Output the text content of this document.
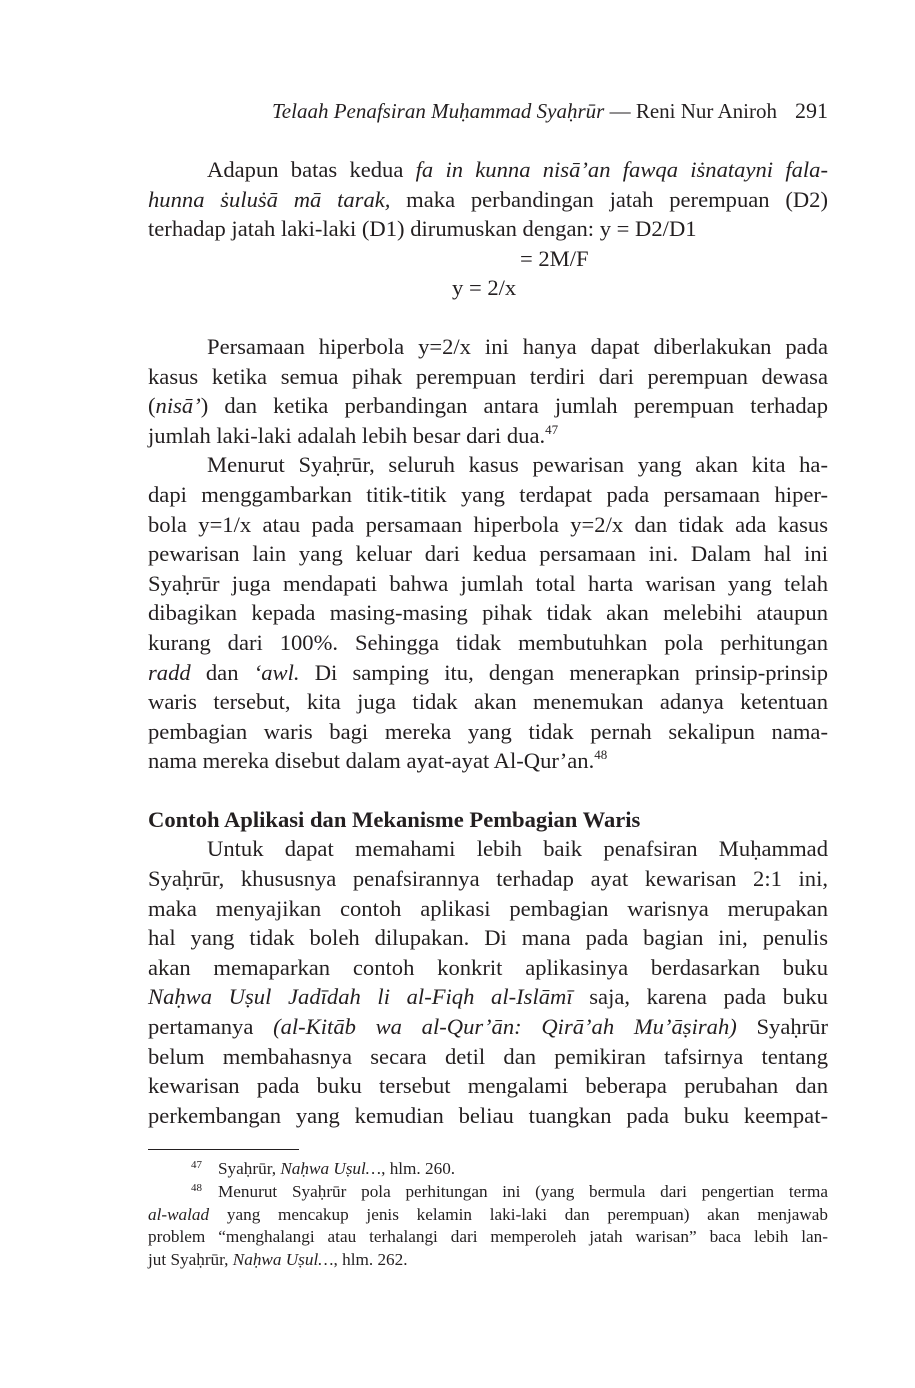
Telaah Penafsiran Muḥammad Syaḥrūr — Reni Nur Aniroh 291
Adapun batas kedua fa in kunna nisā’an fawqa iṡnatayni fala-
hunna ṡuluṡā mā tarak, maka perbandingan jatah perempuan (D2)
terhadap jatah laki-laki (D1) dirumuskan dengan: y = D2/D1
= 2M/F
y = 2/x
Persamaan hiperbola y=2/x ini hanya dapat diberlakukan pada
kasus ketika semua pihak perempuan terdiri dari perempuan dewasa
(nisā’) dan ketika perbandingan antara jumlah perempuan terhadap
jumlah laki-laki adalah lebih besar dari dua.$^{47}$
Menurut Syaḥrūr, seluruh kasus pewarisan yang akan kita ha-
dapi menggambarkan titik-titik yang terdapat pada persamaan hiper-
bola y=1/x atau pada persamaan hiperbola y=2/x dan tidak ada kasus
pewarisan lain yang keluar dari kedua persamaan ini. Dalam hal ini
Syaḥrūr juga mendapati bahwa jumlah total harta warisan yang telah
dibagikan kepada masing-masing pihak tidak akan melebihi ataupun
kurang dari 100%. Sehingga tidak membutuhkan pola perhitungan
radd dan ‘awl. Di samping itu, dengan menerapkan prinsip-prinsip
waris tersebut, kita juga tidak akan menemukan adanya ketentuan
pembagian waris bagi mereka yang tidak pernah sekalipun nama-
nama mereka disebut dalam ayat-ayat Al-Qur’an.$^{48}$
Contoh Aplikasi dan Mekanisme Pembagian Waris
Untuk dapat memahami lebih baik penafsiran Muḥammad
Syaḥrūr, khususnya penafsirannya terhadap ayat kewarisan 2:1 ini,
maka menyajikan contoh aplikasi pembagian warisnya merupakan
hal yang tidak boleh dilupakan. Di mana pada bagian ini, penulis
akan memaparkan contoh konkrit aplikasinya berdasarkan buku
Naḥwa Uṣul Jadīdah li al-Fiqh al-Islāmī saja, karena pada buku
pertamanya (al-Kitāb wa al-Qur’ān: Qirā’ah Mu’āṣirah) Syaḥrūr
belum membahasnya secara detil dan pemikiran tafsirnya tentang
kewarisan pada buku tersebut mengalami beberapa perubahan dan
perkembangan yang kemudian beliau tuangkan pada buku keempat-
$^{47}$ Syaḥrūr, Naḥwa Uṣul…, hlm. 260.
$^{48}$ Menurut Syaḥrūr pola perhitungan ini (yang bermula dari pengertian terma
al-walad yang mencakup jenis kelamin laki-laki dan perempuan) akan menjawab
problem “menghalangi atau terhalangi dari memperoleh jatah warisan” baca lebih lan-
jut Syaḥrūr, Naḥwa Uṣul…, hlm. 262.
